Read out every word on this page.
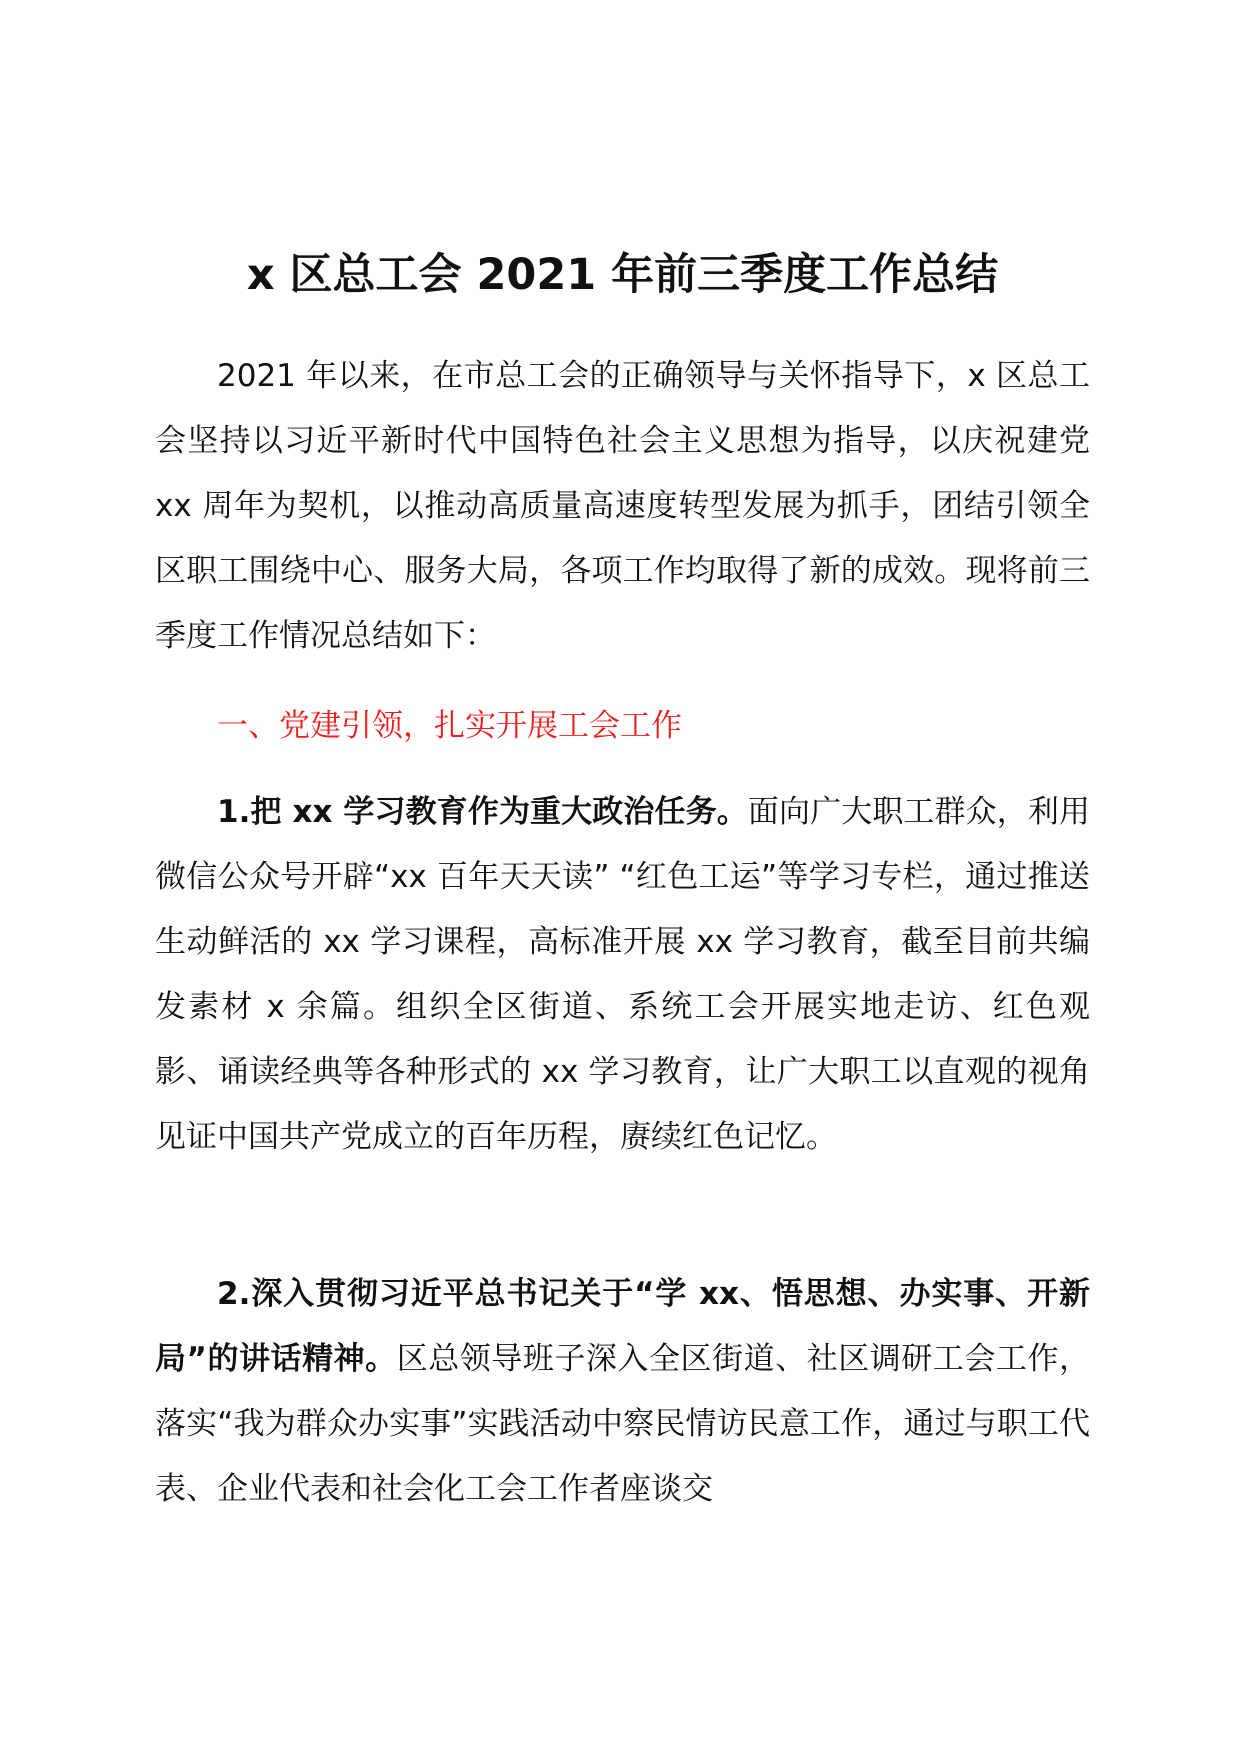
x 区总工会 2021 年前三季度工作总结

2021 年以来，在市总工会的正确领导与关怀指导下，x 区总工会坚持以习近平新时代中国特色社会主义思想为指导，以庆祝建党 xx 周年为契机，以推动高质量高速度转型发展为抓手，团结引领全区职工围绕中心、服务大局，各项工作均取得了新的成效。现将前三季度工作情况总结如下：

一、党建引领，扎实开展工会工作

1.把 xx 学习教育作为重大政治任务。面向广大职工群众，利用微信公众号开辟“xx 百年天天读” “红色工运”等学习专栏，通过推送生动鲜活的 xx 学习课程，高标准开展 xx 学习教育，截至目前共编发素材 x 余篇。组织全区街道、系统工会开展实地走访、红色观影、诵读经典等各种形式的 xx 学习教育，让广大职工以直观的视角见证中国共产党成立的百年历程，赓续红色记忆。

2.深入贯彻习近平总书记关于“学 xx、悟思想、办实事、开新局”的讲话精神。区总领导班子深入全区街道、社区调研工会工作，落实“我为群众办实事”实践活动中察民情访民意工作，通过与职工代表、企业代表和社会化工会工作者座谈交
